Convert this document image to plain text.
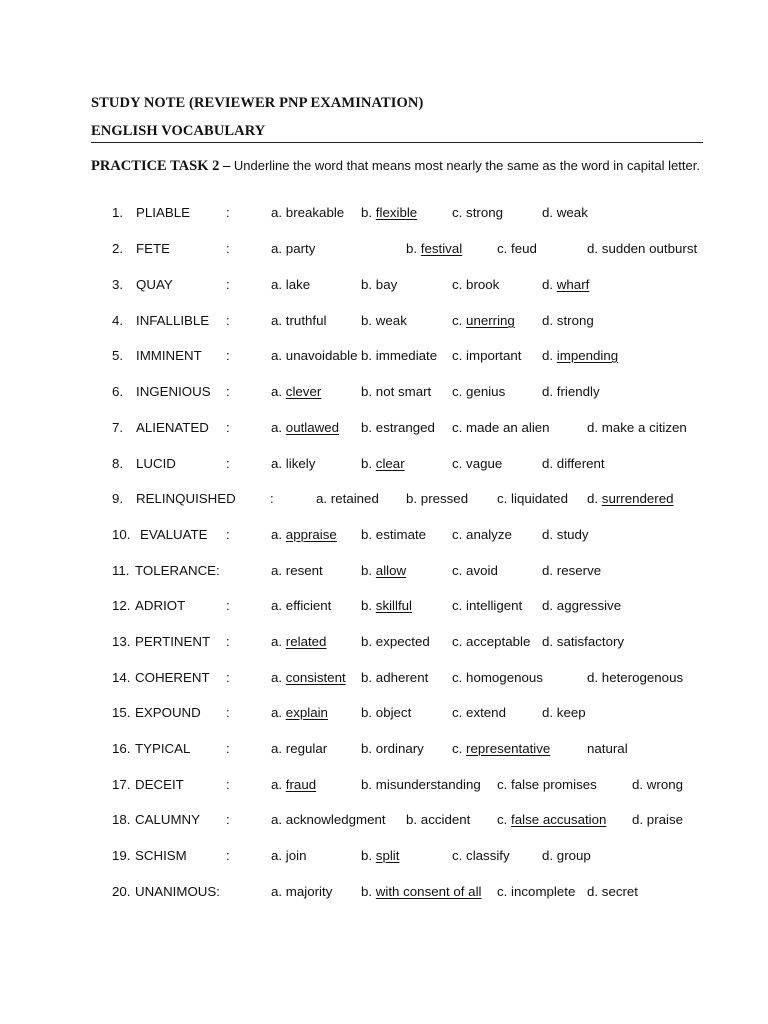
STUDY NOTE (REVIEWER PNP EXAMINATION)
ENGLISH VOCABULARY
PRACTICE TASK 2 – Underline the word that means most nearly the same as the word in capital letter.
1. PLIABLE	:	a. breakable b. flexible	c. strong	d. weak
2. FETE	:	a. party	b. festival	c. feud	d. sudden outburst
3. QUAY	:	a. lake	b. bay	c. brook	d. wharf
4. INFALLIBLE :	a. truthful	b. weak	c. unerring d. strong
5. IMMINENT :	a. unavoidable b. immediate c. important d. impending
6. INGENIOUS :	a. clever	b. not smart c. genius	d. friendly
7. ALIENATED :	a. outlawed b. estranged c. made an alien	d. make a citizen
8. LUCID	:	a. likely	b. clear	c. vague	d. different
9. RELINQUISHED	:	a. retained b. pressed c. liquidated d. surrendered
10. EVALUATE :	a. appraise b. estimate c. analyze d. study
11. TOLERANCE:	a. resent	b. allow	c. avoid	d. reserve
12. ADRIOT	:	a. efficient b. skillful	c. intelligent d. aggressive
13. PERTINENT :	a. related	b. expected c. acceptable d. satisfactory
14. COHERENT :	a. consistent b. adherent c. homogenous	d. heterogenous
15. EXPOUND :	a. explain b. object	c. extend	d. keep
16. TYPICAL	:	a. regular	b. ordinary c. representative	natural
17. DECEIT	:	a. fraud	b. misunderstanding c. false promises	d. wrong
18. CALUMNY :	a. acknowledgment b. accident c. false accusation d. praise
19. SCHISM	:	a. join	b. split	c. classify d. group
20. UNANIMOUS:	a. majority b. with consent of all c. incomplete d. secret
